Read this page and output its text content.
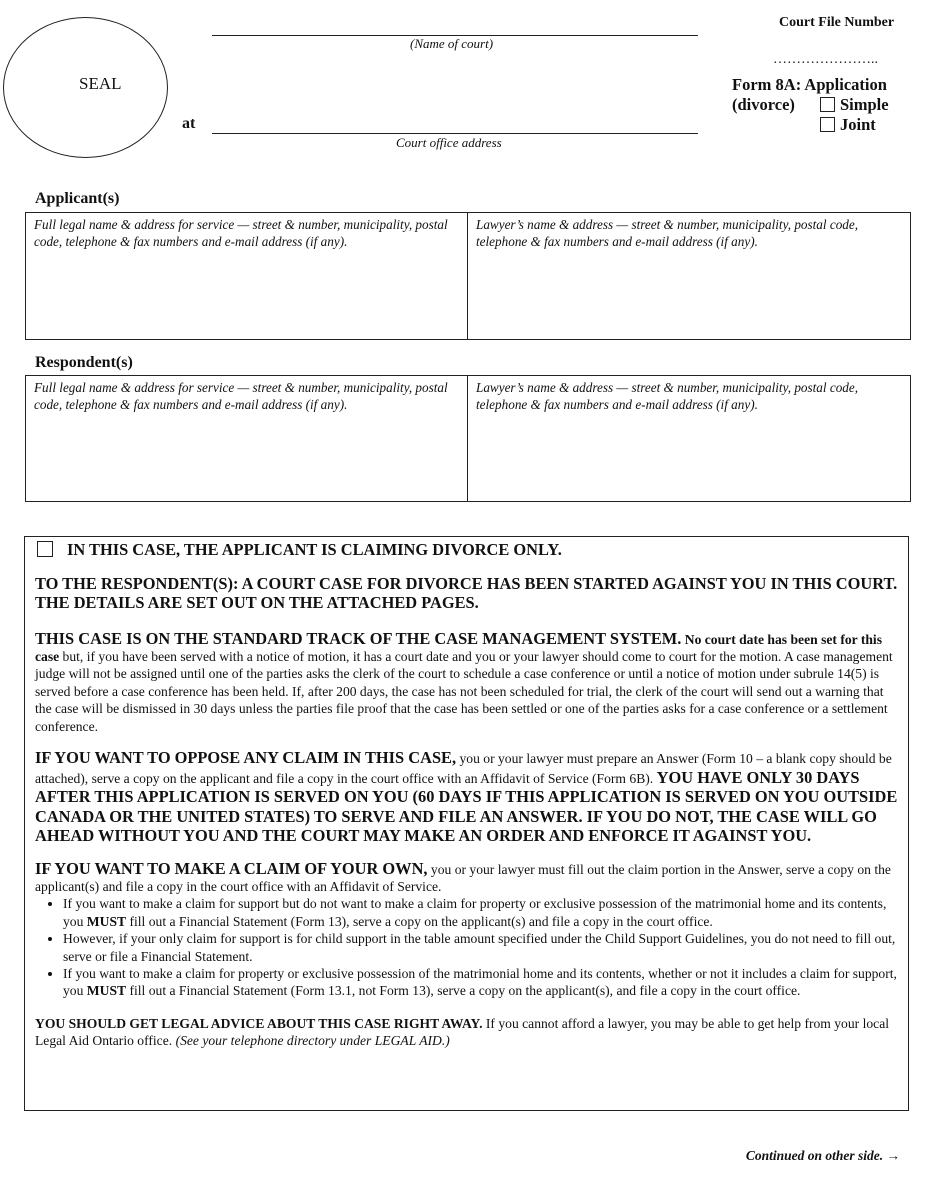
SEAL
(Name of court)
at
Court office address
Court File Number
…………………..
Form 8A: Application
(divorce)	Simple
Joint
Applicant(s)
Full legal name & address for service — street & number, municipality, postal code, telephone & fax numbers and e-mail address (if any).
Lawyer’s name & address — street & number, municipality, postal code, telephone & fax numbers and e-mail address (if any).
Respondent(s)
Full legal name & address for service — street & number, municipality, postal code, telephone & fax numbers and e-mail address (if any).
Lawyer’s name & address — street & number, municipality, postal code, telephone & fax numbers and e-mail address (if any).

IN THIS CASE, THE APPLICANT IS CLAIMING DIVORCE ONLY.

TO THE RESPONDENT(S): A COURT CASE FOR DIVORCE HAS BEEN STARTED AGAINST YOU IN THIS COURT. THE DETAILS ARE SET OUT ON THE ATTACHED PAGES.

THIS CASE IS ON THE STANDARD TRACK OF THE CASE MANAGEMENT SYSTEM. No court date has been set for this case but, if you have been served with a notice of motion, it has a court date and you or your lawyer should come to court for the motion. A case management judge will not be assigned until one of the parties asks the clerk of the court to schedule a case conference or until a notice of motion under subrule 14(5) is served before a case conference has been held. If, after 200 days, the case has not been scheduled for trial, the clerk of the court will send out a warning that the case will be dismissed in 30 days unless the parties file proof that the case has been settled or one of the parties asks for a case conference or a settlement conference.

IF YOU WANT TO OPPOSE ANY CLAIM IN THIS CASE, you or your lawyer must prepare an Answer (Form 10 – a blank copy should be attached), serve a copy on the applicant and file a copy in the court office with an Affidavit of Service (Form 6B). YOU HAVE ONLY 30 DAYS AFTER THIS APPLICATION IS SERVED ON YOU (60 DAYS IF THIS APPLICATION IS SERVED ON YOU OUTSIDE CANADA OR THE UNITED STATES) TO SERVE AND FILE AN ANSWER. IF YOU DO NOT, THE CASE WILL GO AHEAD WITHOUT YOU AND THE COURT MAY MAKE AN ORDER AND ENFORCE IT AGAINST YOU.

IF YOU WANT TO MAKE A CLAIM OF YOUR OWN, you or your lawyer must fill out the claim portion in the Answer, serve a copy on the applicant(s) and file a copy in the court office with an Affidavit of Service.

• If you want to make a claim for support but do not want to make a claim for property or exclusive possession of the matrimonial home and its contents, you MUST fill out a Financial Statement (Form 13), serve a copy on the applicant(s) and file a copy in the court office.
• However, if your only claim for support is for child support in the table amount specified under the Child Support Guidelines, you do not need to fill out, serve or file a Financial Statement.
• If you want to make a claim for property or exclusive possession of the matrimonial home and its contents, whether or not it includes a claim for support, you MUST fill out a Financial Statement (Form 13.1, not Form 13), serve a copy on the applicant(s), and file a copy in the court office.

YOU SHOULD GET LEGAL ADVICE ABOUT THIS CASE RIGHT AWAY. If you cannot afford a lawyer, you may be able to get help from your local Legal Aid Ontario office. (See your telephone directory under LEGAL AID.)

Continued on other side. →
